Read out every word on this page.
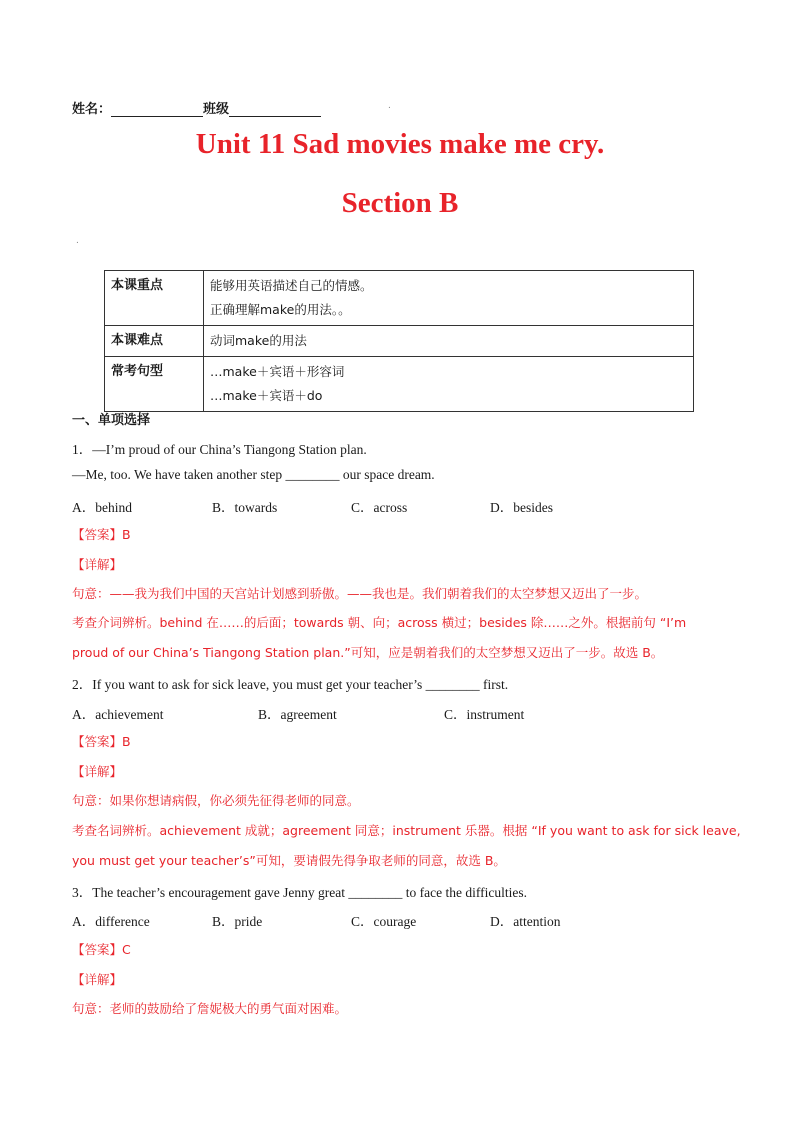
姓名：	班级	.
Unit 11 Sad movies make me cry.
Section B
.
本课重点	能够用英语描述自己的情感。
正确理解make的用法。。

本课难点	动词make的用法

常考句型	…make＋宾语＋形容词
…make＋宾语＋do
一、单项选择
1．—I’m proud of our China’s Tiangong Station plan.
—Me, too. We have taken another step ________ our space dream.
A．behind	B．towards	C．across	D．besides
【答案】B
【详解】
句意：——我为我们中国的天宫站计划感到骄傲。——我也是。我们朝着我们的太空梦想又迈出了一步。
考查介词辨析。behind 在……的后面；towards 朝、向；across 横过；besides 除……之外。根据前句 “I’m
proud of our China’s Tiangong Station plan.”可知，应是朝着我们的太空梦想又迈出了一步。故选 B。
2．If you want to ask for sick leave, you must get your teacher’s ________ first.
A．achievement	B．agreement	C．instrument
【答案】B
【详解】
句意：如果你想请病假，你必须先征得老师的同意。
考查名词辨析。achievement 成就；agreement 同意；instrument 乐器。根据 “If you want to ask for sick leave,
you must get your teacher’s”可知，要请假先得争取老师的同意，故选 B。
3．The teacher’s encouragement gave Jenny great ________ to face the difficulties.
A．difference	B．pride	C．courage	D．attention
【答案】C
【详解】
句意：老师的鼓励给了詹妮极大的勇气面对困难。
